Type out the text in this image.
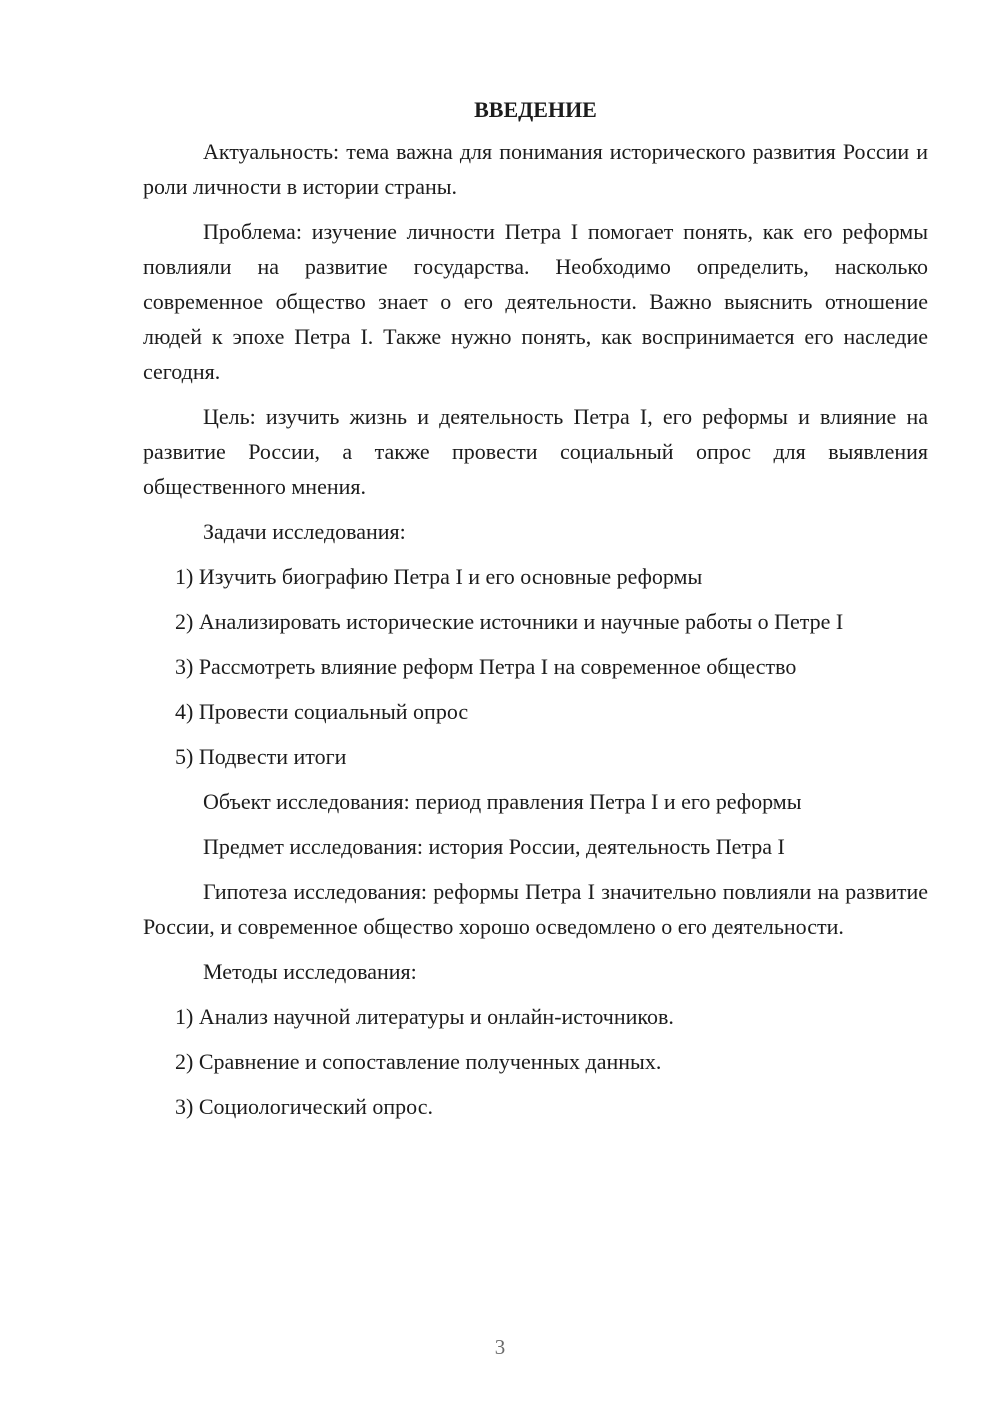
ВВЕДЕНИЕ

Актуальность: тема важна для понимания исторического развития России и роли личности в истории страны.

Проблема: изучение личности Петра I помогает понять, как его реформы повлияли на развитие государства. Необходимо определить, насколько современное общество знает о его деятельности. Важно выяснить отношение людей к эпохе Петра I. Также нужно понять, как воспринимается его наследие сегодня.

Цель: изучить жизнь и деятельность Петра I, его реформы и влияние на развитие России, а также провести социальный опрос для выявления общественного мнения.

Задачи исследования:

1) Изучить биографию Петра I и его основные реформы

2) Анализировать исторические источники и научные работы о Петре I

3) Рассмотреть влияние реформ Петра I на современное общество

4) Провести социальный опрос

5) Подвести итоги

Объект исследования: период правления Петра I и его реформы

Предмет исследования: история России, деятельность Петра I

Гипотеза исследования: реформы Петра I значительно повлияли на развитие России, и современное общество хорошо осведомлено о его деятельности.

Методы исследования:

1) Анализ научной литературы и онлайн-источников.

2) Сравнение и сопоставление полученных данных.

3) Социологический опрос.

3
